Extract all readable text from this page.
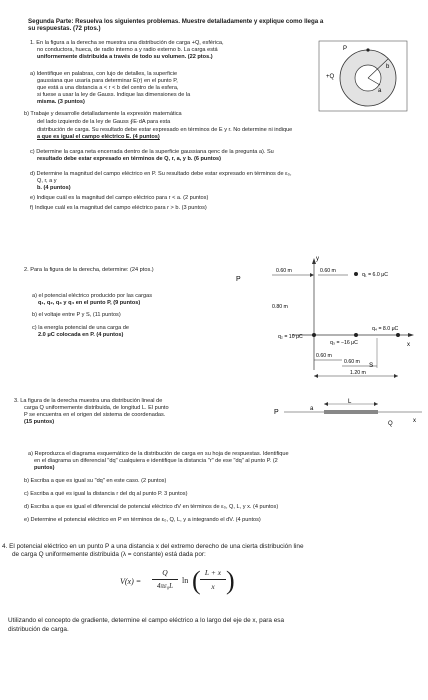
Segunda Parte: Resuelva los siguientes problemas. Muestre detalladamente y explique como llega a
su respuestas. (72 ptos.)
1. En la figura a la derecha se muestra una distribución de carga +Q, esférica,
no conductora, hueca, de radio interno a y radio externo b. La carga está
uniformemente distribuida a través de todo su volumen. (22 ptos.)
a) Identifique en palabras, con lujo de detalles, la superficie
gaussiana que usaría para determinar E(r) en el punto P,
que está a una distancia a < r < b del centro de la esfera,
si fuese a usar la ley de Gauss. Indique las dimensiones de la
misma. (3 puntos)
b) Trabaje y desarrolle detalladamente la expresión matemática
del lado izquierdo de la ley de Gauss ∮E·dA para esta
distribución de carga. Su resultado debe estar expresado en términos de E y r. No determine ni indique
a que es igual el campo eléctrico E. (4 puntos)
c) Determine la carga neta encerrada dentro de la superficie gaussiana qenc de la pregunta a). Su
resultado debe estar expresado en términos de Q, r, a, y b. (6 puntos)
d) Determine la magnitud del campo eléctrico en P. Su resultado debe estar expresado en términos de ε₀,
Q, r, a y
b. (4 puntos)
e) Indique cuál es la magnitud del campo eléctrico para r < a. (2 puntos)
f) Indique cuál es la magnitud del campo eléctrico para r > b. (3 puntos)
P
+Q
a
b
2. Para la figura de la derecha, determine: (24 ptos.)
a) el potencial eléctrico producido por las cargas
q₁, q₂, q₃ y q₄ en el punto P, (9 puntos)
b) el voltaje entre P y S, (11 puntos)
c) la energía potencial de una carga de
2.0 μC colocada en P. (4 puntos)
y
x
P
0.60 m	0.60 m
q₁ = 6.0 μC
0.80 m
q₂ = 10 μC
q₃ = −16 μC
q₄ = 8.0 μC
S
0.60 m
0.60 m
1.20 m
3. La figura de la derecha muestra una distribución lineal de
carga Q uniformemente distribuida, de longitud L. El punto
P se encuentra en el origen del sistema de coordenadas.
(15 puntos)
P	a
L
Q	x
a) Reproduzca el diagrama esquemático de la distribución de carga en su hoja de respuestas. Identifique
en el diagrama un diferencial "dq" cualquiera e identifique la distancia "r" de ese "dq" al punto P. (2
puntos)
b) Escriba a que es igual su "dq" en este caso. (2 puntos)
c) Escriba a qué es igual la distancia r del dq al punto P. 3 puntos)
d) Escriba a que es igual el diferencial de potencial eléctrico dV en términos de ε₀, Q, L, y x. (4 puntos)
e) Determine el potencial eléctrico en P en términos de ε₀, Q, L, y a integrando el dV. (4 puntos)
4. El potencial eléctrico en un punto P a una distancia x del extremo derecho de una cierta distribución line
de carga Q uniformemente distribuida (λ = constante) está dada por:
V(x) =
Q
4πε₀L
ln ( L + x
x )
Utilizando el concepto de gradiente, determine el campo eléctrico a lo largo del eje de x, para esa
distribución de carga.
